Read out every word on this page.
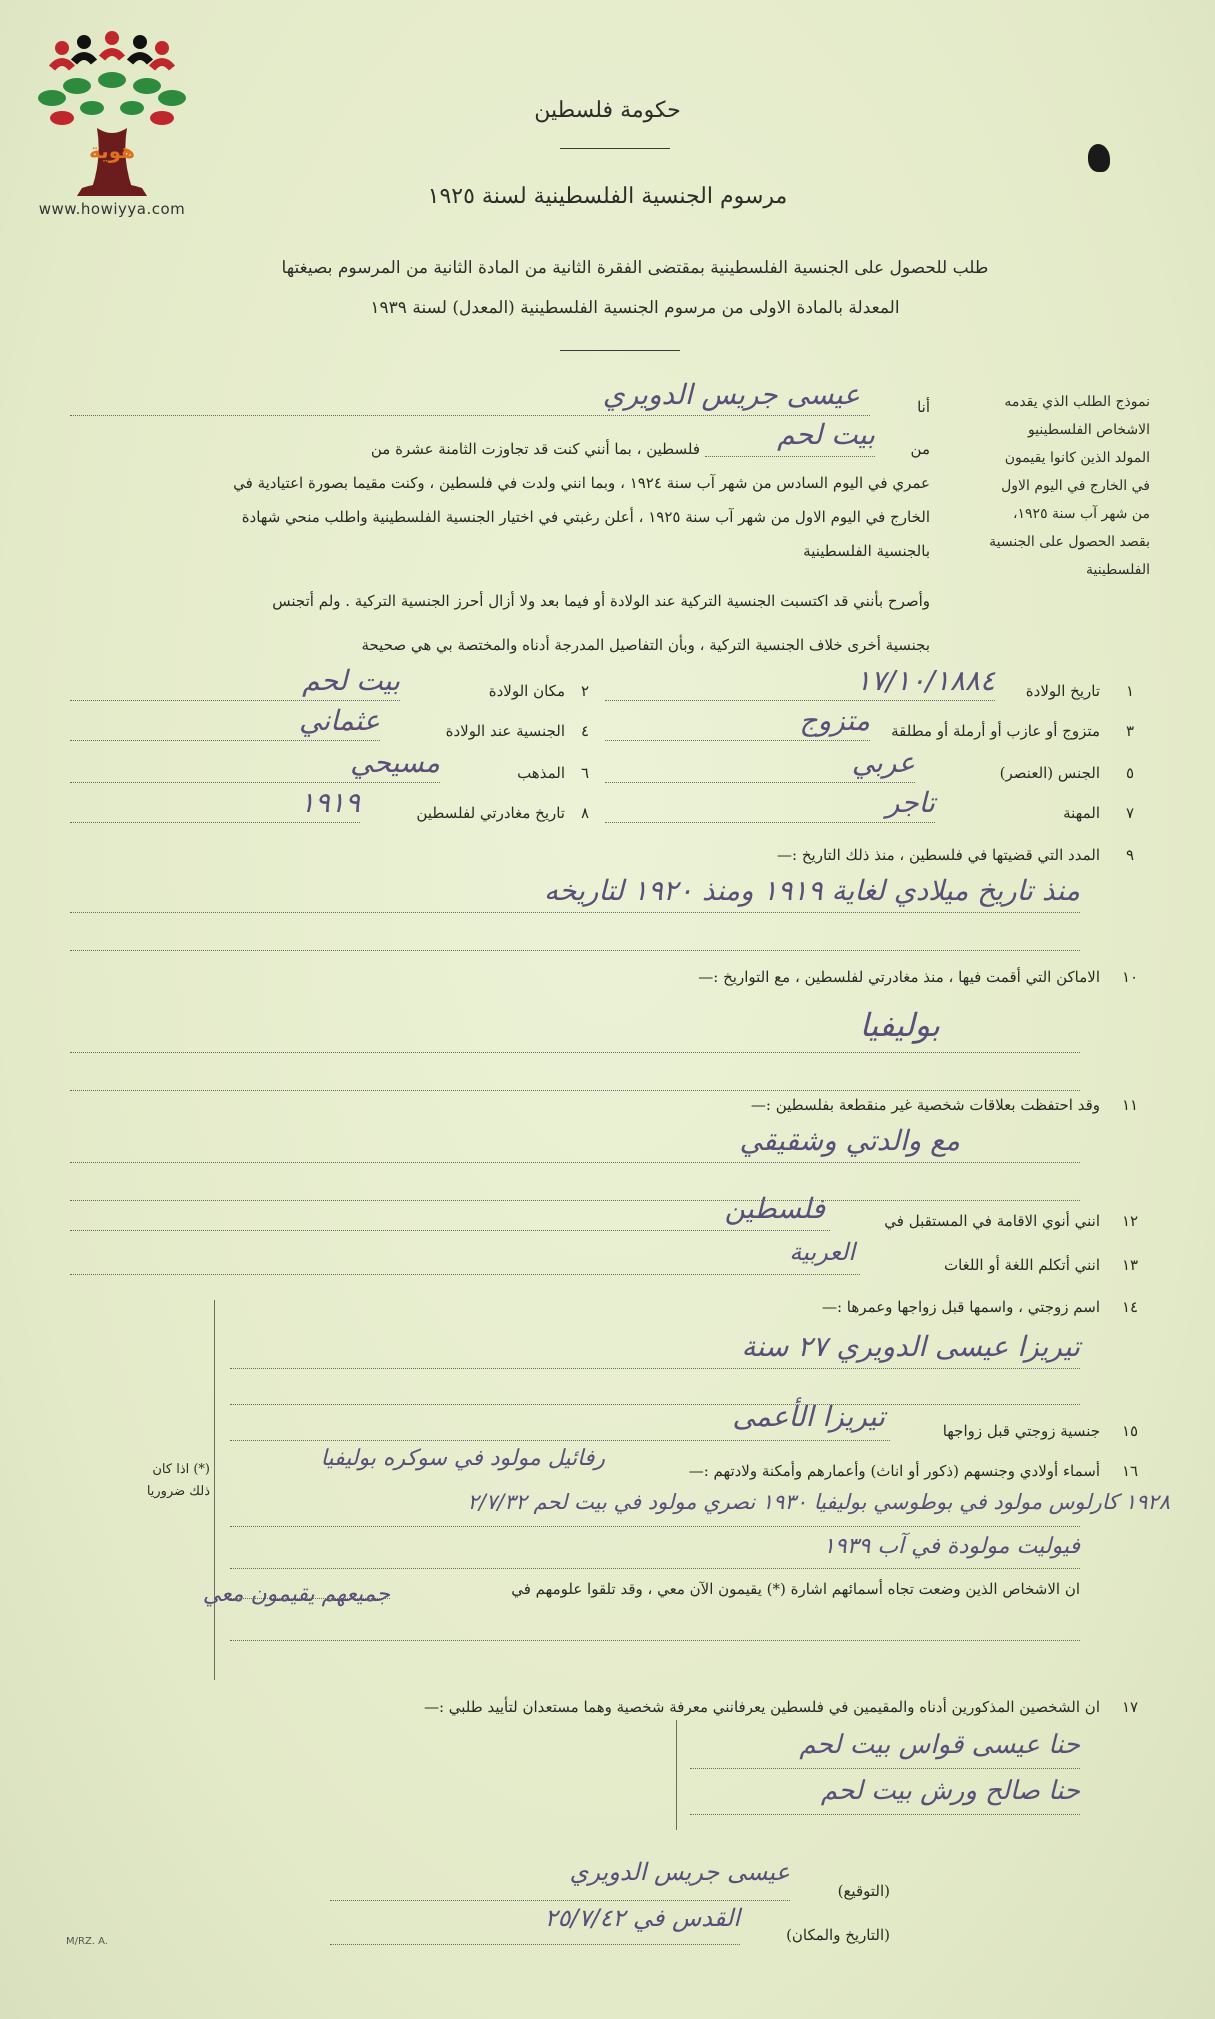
هوية
www.howiyya.com
حكومة فلسطين
مرسوم الجنسية الفلسطينية لسنة ١٩٢٥
طلب للحصول على الجنسية الفلسطينية بمقتضى الفقرة الثانية من المادة الثانية من المرسوم بصيغتها
المعدلة بالمادة الاولى من مرسوم الجنسية الفلسطينية (المعدل) لسنة ١٩٣٩
نموذج الطلب الذي يقدمه
الاشخاص الفلسطينيو
المولد الذين كانوا يقيمون
في الخارج في اليوم الاول
من شهر آب سنة ١٩٢٥،
بقصد الحصول على الجنسية
الفلسطينية
أنا
عيسى جريس الدويري
من
بيت لحم
فلسطين ، بما أنني كنت قد تجاوزت الثامنة عشرة من
عمري في اليوم السادس من شهر آب سنة ١٩٢٤ ، وبما انني ولدت في فلسطين ، وكنت مقيما بصورة اعتيادية في
الخارج في اليوم الاول من شهر آب سنة ١٩٢٥ ، أعلن رغبتي في اختيار الجنسية الفلسطينية واطلب منحي شهادة
بالجنسية الفلسطينية
وأصرح بأنني قد اكتسبت الجنسية التركية عند الولادة أو فيما بعد ولا أزال أحرز الجنسية التركية . ولم أتجنس
بجنسية أخرى خلاف الجنسية التركية ، وبأن التفاصيل المدرجة أدناه والمختصة بي هي صحيحة
١
تاريخ الولادة
١٧/١٠/١٨٨٤
٣
متزوج أو عازب أو أرملة أو مطلقة
متزوج
٥
الجنس (العنصر)
عربي
٧
المهنة
تاجر
٢
مكان الولادة
بيت لحم
٤
الجنسية عند الولادة
عثماني
٦
المذهب
مسيحي
٨
تاريخ مغادرتي لفلسطين
١٩١٩
٩
المدد التي قضيتها في فلسطين ، منذ ذلك التاريخ :—
منذ تاريخ ميلادي لغاية ١٩١٩ ومنذ ١٩٢٠ لتاريخه
١٠
الاماكن التي أقمت فيها ، منذ مغادرتي لفلسطين ، مع التواريخ :—
بوليفيا
١١
وقد احتفظت بعلاقات شخصية غير منقطعة بفلسطين :—
مع والدتي وشقيقي
١٢
انني أنوي الاقامة في المستقبل في
فلسطين
١٣
انني أتكلم اللغة أو اللغات
العربية
١٤
اسم زوجتي ، واسمها قبل زواجها وعمرها :—
تيريزا عيسى الدويري ٢٧ سنة
١٥
جنسية زوجتي قبل زواجها
تيريزا الأعمى
١٦
أسماء أولادي وجنسهم (ذكور أو اناث) وأعمارهم وأمكنة ولادتهم :—
رفائيل مولود في سوكره بوليفيا
(*) اذا كان
ذلك ضروريا	١٩٢٨ كارلوس مولود في بوطوسي بوليفيا ١٩٣٠ نصري مولود في بيت لحم ٢/٧/٣٢
فيوليت مولودة في آب ١٩٣٩
ان الاشخاص الذين وضعت تجاه أسمائهم اشارة (*) يقيمون الآن معي ، وقد تلقوا علومهم في
جميعهم يقيمون معي
١٧
ان الشخصين المذكورين أدناه والمقيمين في فلسطين يعرفانني معرفة شخصية وهما مستعدان لتأييد طلبي :—
حنا عيسى قواس بيت لحم
حنا صالح ورش بيت لحم
(التوقيع)
عيسى جريس الدويري
(التاريخ والمكان)
القدس في ٢٥/٧/٤٢
M/RZ. A.
